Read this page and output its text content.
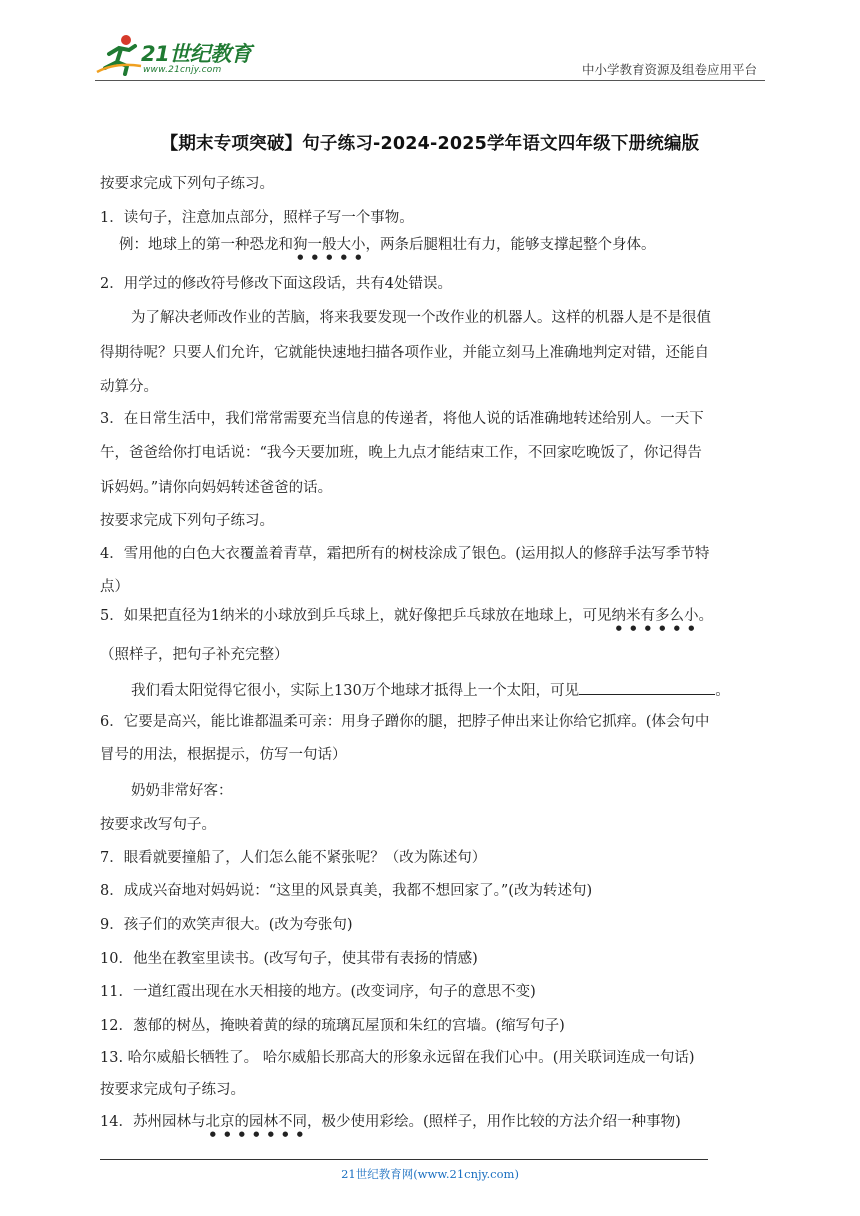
21世纪教育
www.21cnjy.com	中小学教育资源及组卷应用平台
【期末专项突破】句子练习-2024-2025学年语文四年级下册统编版
按要求完成下列句子练习。
1．读句子，注意加点部分，照样子写一个事物。
例：地球上的第一种恐龙和狗一般大小，两条后腿粗壮有力，能够支撑起整个身体。
2．用学过的修改符号修改下面这段话，共有4处错误。
为了解决老师改作业的苦脑，将来我要发现一个改作业的机器人。这样的机器人是不是很值
得期待呢？只要人们允许，它就能快速地扫描各项作业，并能立刻马上准确地判定对错，还能自
动算分。
3．在日常生活中，我们常常需要充当信息的传递者，将他人说的话准确地转述给别人。一天下
午，爸爸给你打电话说：“我今天要加班，晚上九点才能结束工作，不回家吃晚饭了，你记得告
诉妈妈。”请你向妈妈转述爸爸的话。
按要求完成下列句子练习。
4．雪用他的白色大衣覆盖着青草，霜把所有的树枝涂成了银色。(运用拟人的修辞手法写季节特
点）
5．如果把直径为1纳米的小球放到乒乓球上，就好像把乒乓球放在地球上，可见纳米有多么小。
（照样子，把句子补充完整）
我们看太阳觉得它很小，实际上130万个地球才抵得上一个太阳，可见	。
6．它要是高兴，能比谁都温柔可亲：用身子蹭你的腿，把脖子伸出来让你给它抓痒。(体会句中
冒号的用法，根据提示，仿写一句话）
奶奶非常好客：
按要求改写句子。
7．眼看就要撞船了，人们怎么能不紧张呢？（改为陈述句）
8．成成兴奋地对妈妈说：“这里的风景真美，我都不想回家了。”(改为转述句)
9．孩子们的欢笑声很大。(改为夸张句)
10．他坐在教室里读书。(改写句子，使其带有表扬的情感)
11．一道红霞出现在水天相接的地方。(改变词序，句子的意思不变)
12．葱郁的树丛，掩映着黄的绿的琉璃瓦屋顶和朱红的宫墙。(缩写句子)
13. 哈尔威船长牺牲了。 哈尔威船长那高大的形象永远留在我们心中。(用关联词连成一句话)
按要求完成句子练习。
14．苏州园林与北京的园林不同，极少使用彩绘。(照样子，用作比较的方法介绍一种事物)
21世纪教育网(www.21cnjy.com)
